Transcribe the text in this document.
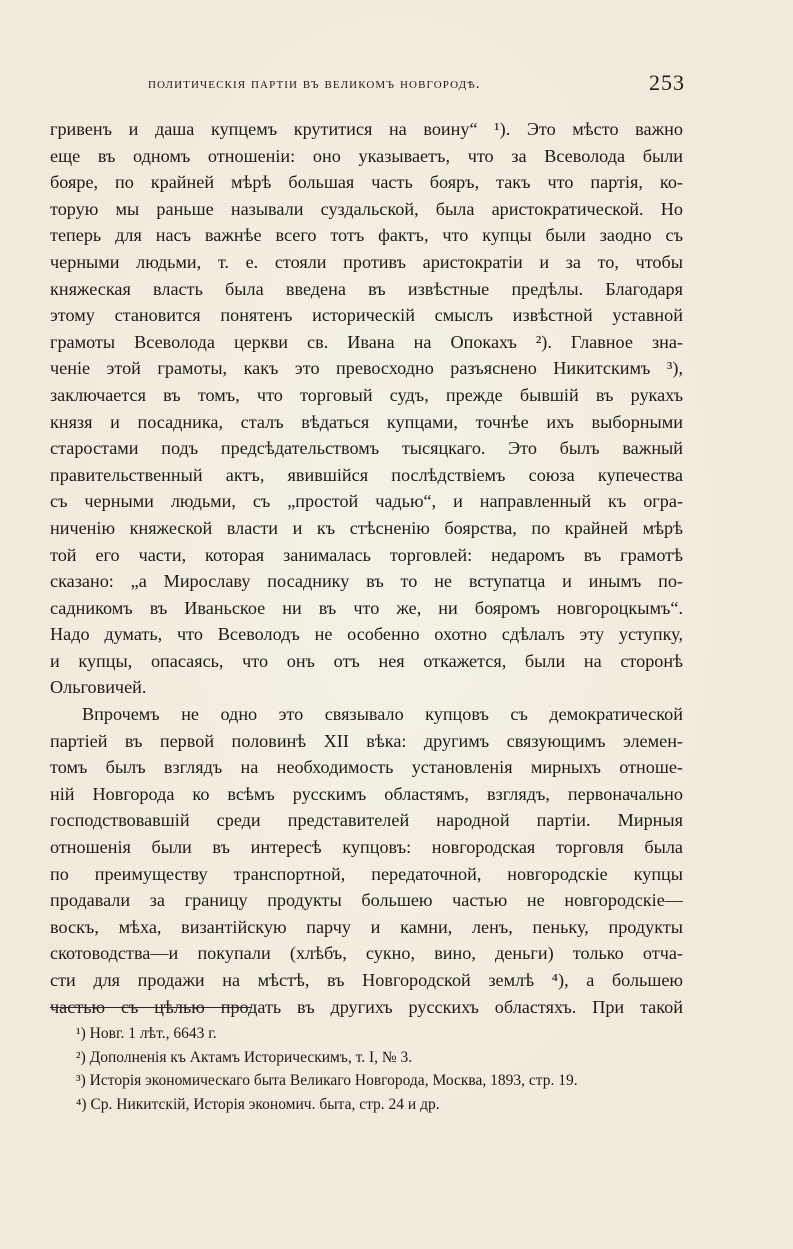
политическія партіи въ великомъ новгородѣ.	253
гривенъ и даша купцемъ крутитися на воину“ ¹). Это мѣсто важно
еще въ одномъ отношеніи: оно указываетъ, что за Всеволода были
бояре, по крайней мѣрѣ большая часть бояръ, такъ что партія, ко-
торую мы раньше называли суздальской, была аристократической. Но
теперь для насъ важнѣе всего тотъ фактъ, что купцы были заодно съ
черными людьми, т. е. стояли противъ аристократіи и за то, чтобы
княжеская власть была введена въ извѣстные предѣлы. Благодаря
этому становится понятенъ историческій смыслъ извѣстной уставной
грамоты Всеволода церкви св. Ивана на Опокахъ ²). Главное зна-
ченіе этой грамоты, какъ это превосходно разъяснено Никитскимъ ³),
заключается въ томъ, что торговый судъ, прежде бывшій въ рукахъ
князя и посадника, сталъ вѣдаться купцами, точнѣе ихъ выборными
старостами подъ предсѣдательствомъ тысяцкаго. Это былъ важный
правительственный актъ, явившійся послѣдствіемъ союза купечества
съ черными людьми, съ „простой чадью“, и направленный къ огра-
ниченію княжеской власти и къ стѣсненію боярства, по крайней мѣрѣ
той его части, которая занималась торговлей: недаромъ въ грамотѣ
сказано: „а Мирославу посаднику въ то не вступатца и инымъ по-
садникомъ въ Иваньское ни въ что же, ни бояромъ новгороцкымъ“.
Надо думать, что Всеволодъ не особенно охотно сдѣлалъ эту уступку,
и купцы, опасаясь, что онъ отъ нея откажется, были на сторонѣ
Ольговичей.
Впрочемъ не одно это связывало купцовъ съ демократической
партіей въ первой половинѣ XII вѣка: другимъ связующимъ элемен-
томъ былъ взглядъ на необходимость установленія мирныхъ отноше-
ній Новгорода ко всѣмъ русскимъ областямъ, взглядъ, первоначально
господствовавшій среди представителей народной партіи. Мирныя
отношенія были въ интересѣ купцовъ: новгородская торговля была
по преимуществу транспортной, передаточной, новгородскіе купцы
продавали за границу продукты большею частью не новгородскіе—
воскъ, мѣха, византійскую парчу и камни, ленъ, пеньку, продукты
скотоводства—и покупали (хлѣбъ, сукно, вино, деньги) только отча-
сти для продажи на мѣстѣ, въ Новгородской землѣ ⁴), а большею
частью съ цѣлью продать въ другихъ русскихъ областяхъ. При такой
¹) Новг. 1 лѣт., 6643 г.
²) Дополненія къ Актамъ Историческимъ, т. I, № 3.
³) Исторія экономическаго быта Великаго Новгорода, Москва, 1893, стр. 19.
⁴) Ср. Никитскій, Исторія экономич. быта, стр. 24 и др.
